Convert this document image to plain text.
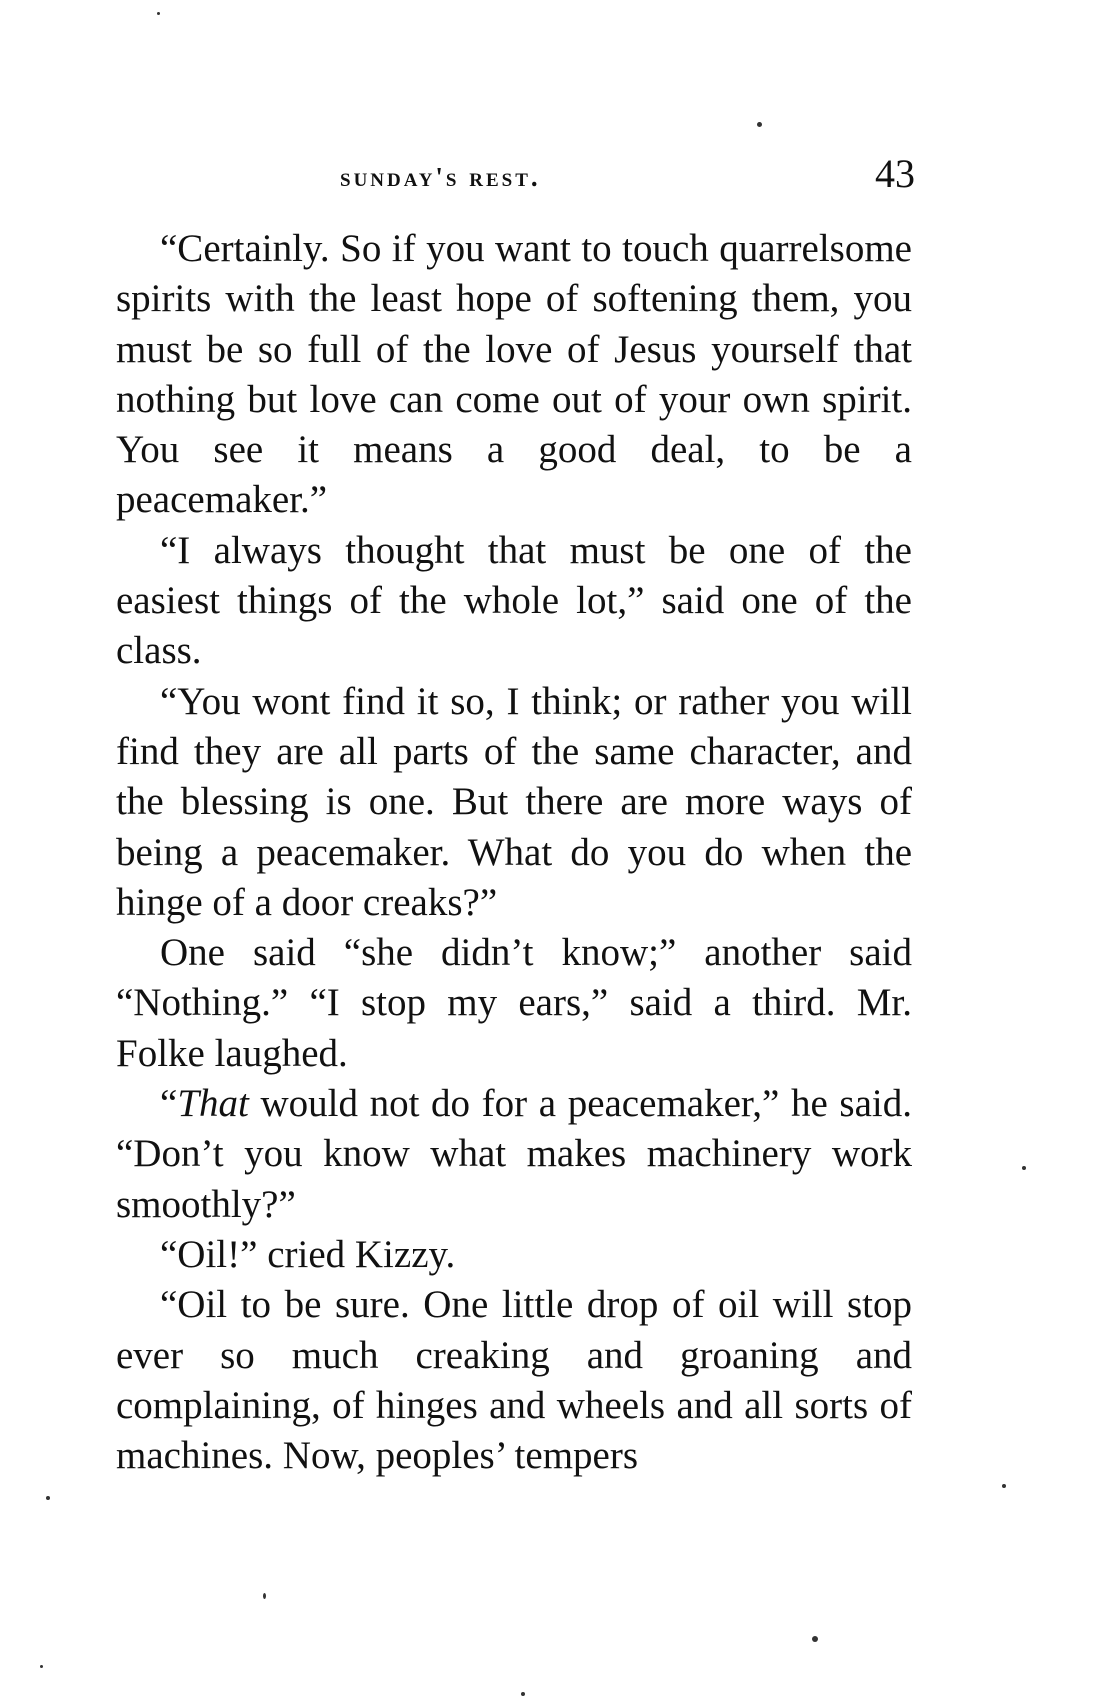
sunday's rest.	43

“Certainly. So if you want to touch quarrelsome spirits with the least hope of softening them, you must be so full of the love of Jesus yourself that nothing but love can come out of your own spirit. You see it means a good deal, to be a peacemaker.”

“I always thought that must be one of the easiest things of the whole lot,” said one of the class.

“You wont find it so, I think; or rather you will find they are all parts of the same character, and the blessing is one. But there are more ways of being a peacemaker. What do you do when the hinge of a door creaks?”

One said “she didn’t know;” another said “Nothing.” “I stop my ears,” said a third. Mr. Folke laughed.

“That would not do for a peacemaker,” he said. “Don’t you know what makes machinery work smoothly?”

“Oil!” cried Kizzy.

“Oil to be sure. One little drop of oil will stop ever so much creaking and groaning and complaining, of hinges and wheels and all sorts of machines. Now, peoples’ tempers
